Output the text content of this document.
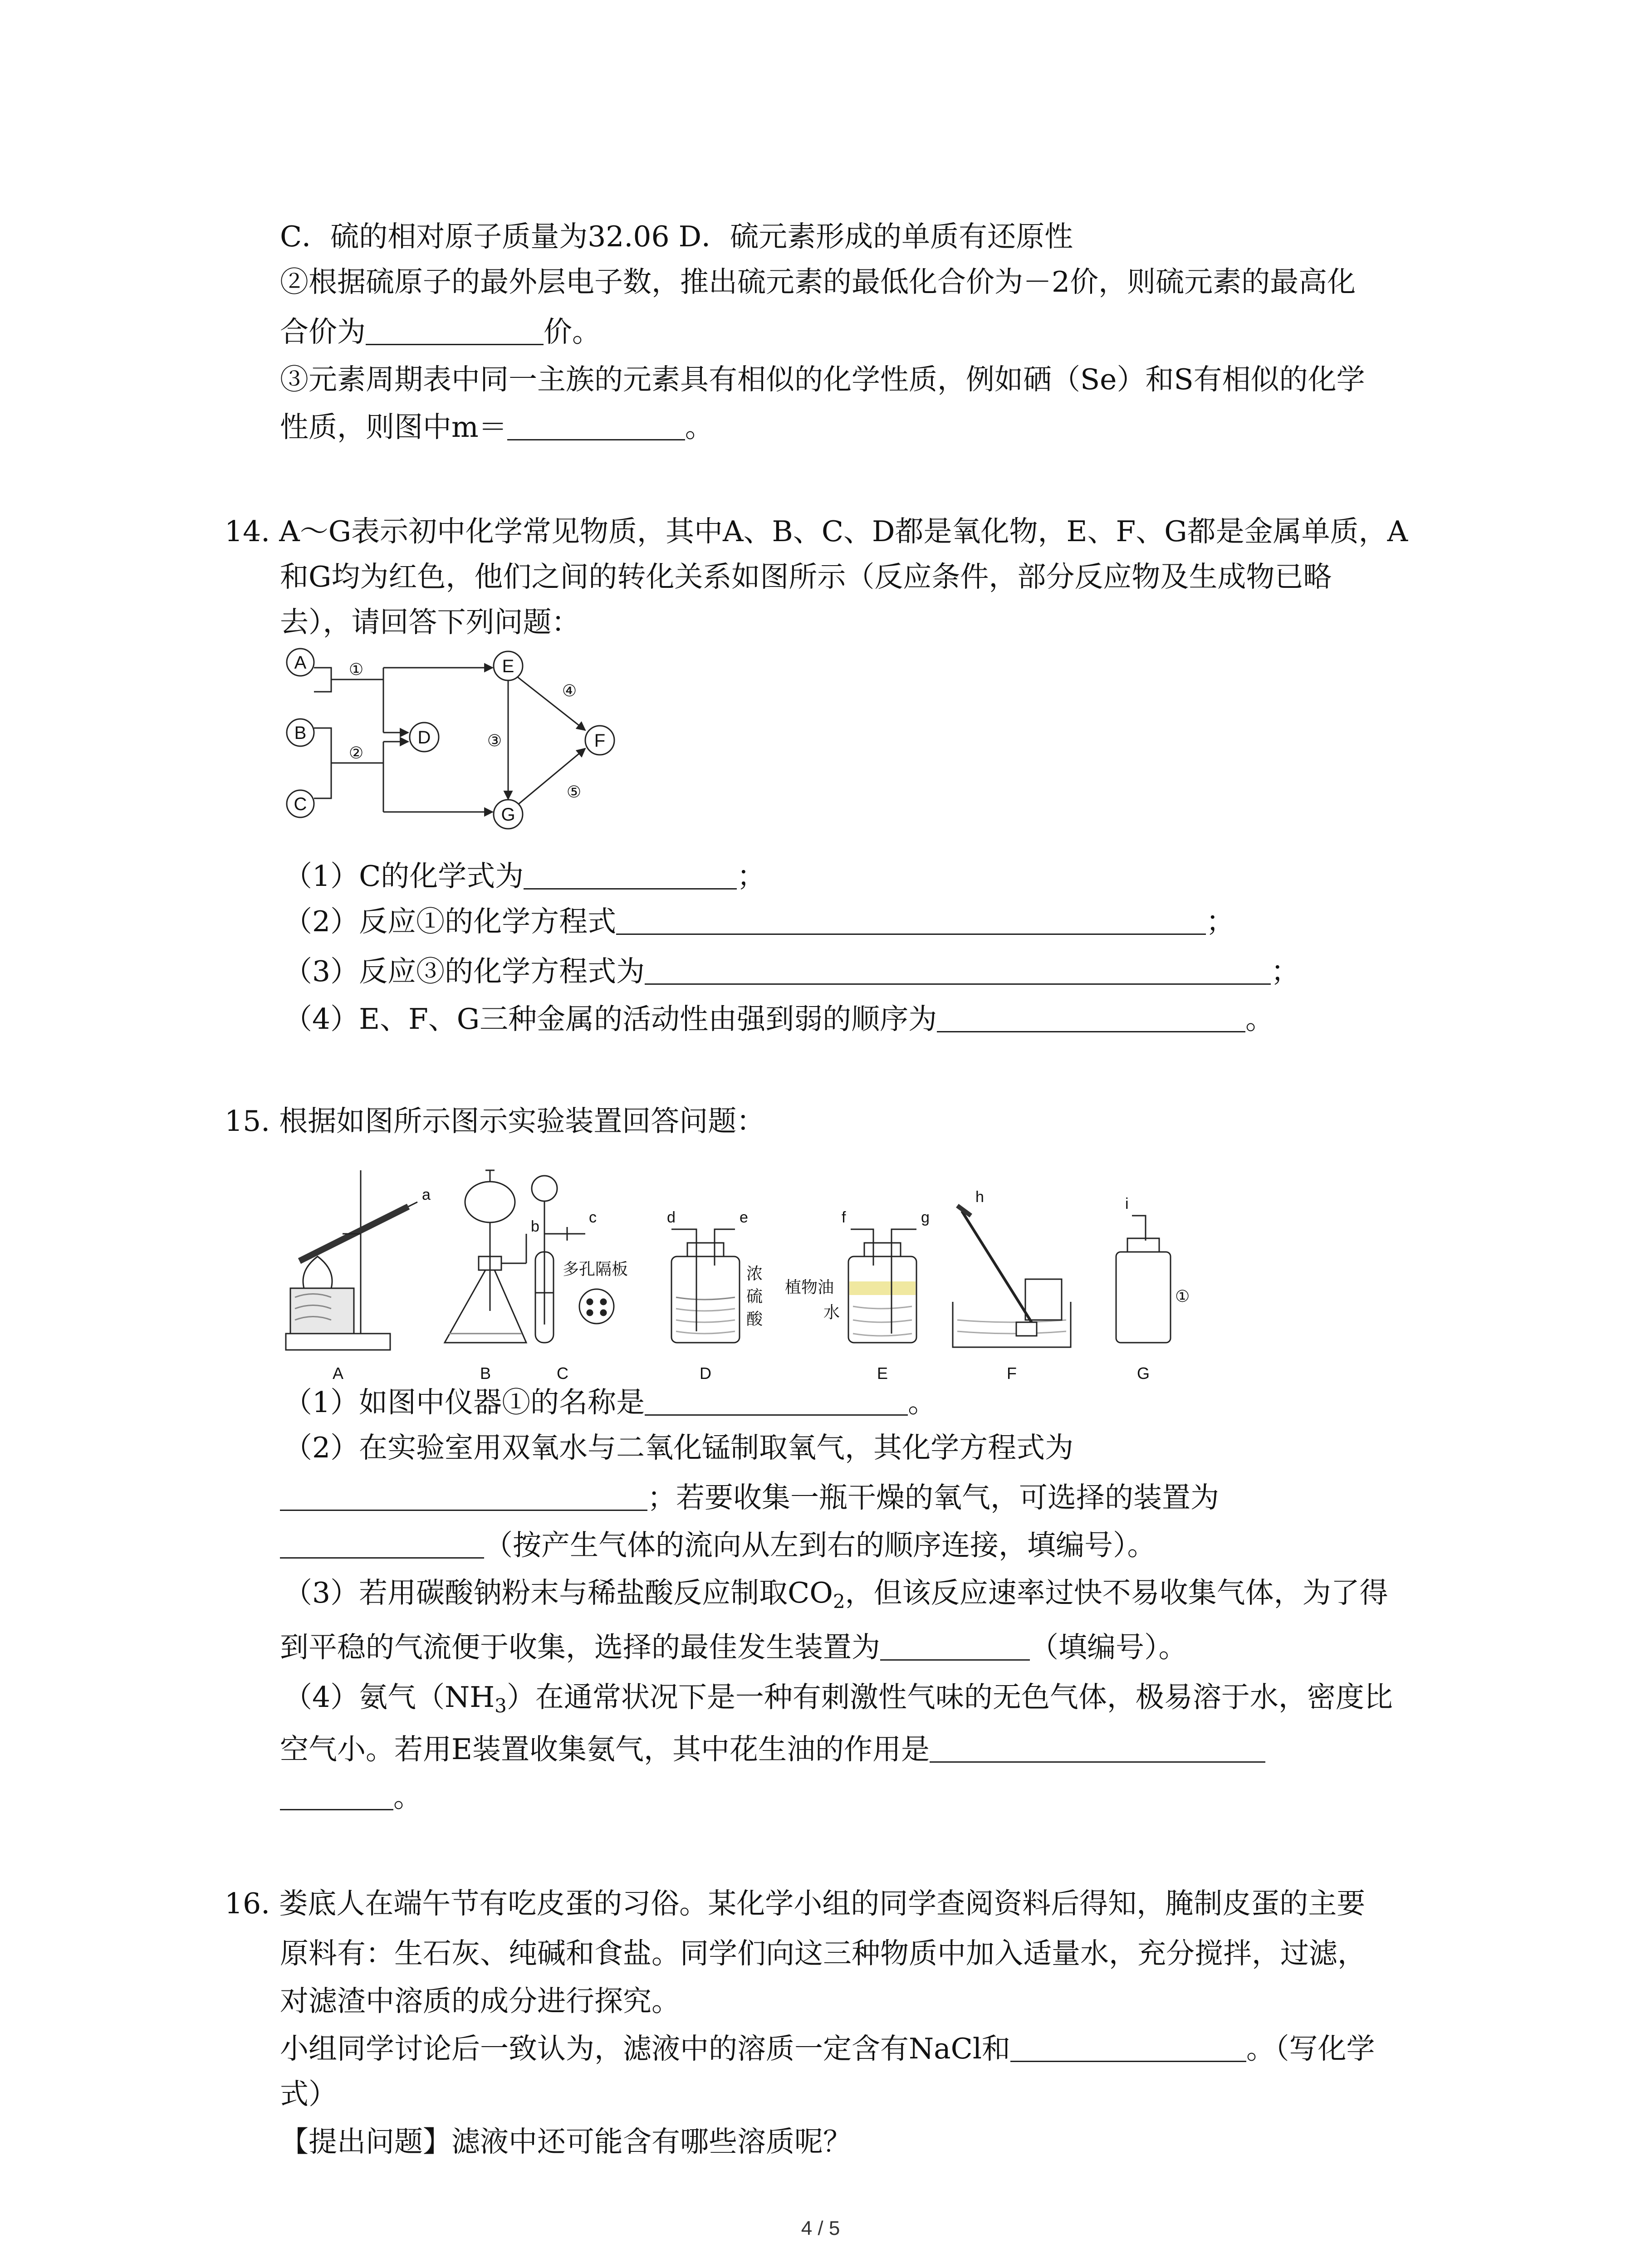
C．硫的相对原子质量为32.06 D．硫元素形成的单质有还原性
②根据硫原子的最外层电子数，推出硫元素的最低化合价为－2价，则硫元素的最高化
合价为	价。
③元素周期表中同一主族的元素具有相似的化学性质，例如硒（Se）和S有相似的化学
性质，则图中m＝	。
14. A～G表示初中化学常见物质，其中A、B、C、D都是氧化物，E、F、G都是金属单质，A
和G均为红色，他们之间的转化关系如图所示（反应条件，部分反应物及生成物已略
去），请回答下列问题：
A
B
C
D
E
F
G
①
②
③
④
⑤
（1）C的化学式为	；
（2）反应①的化学方程式	；
（3）反应③的化学方程式为	；
（4）E、F、G三种金属的活动性由强到弱的顺序为	。
15. 根据如图所示图示实验装置回答问题：
a
b
c	d	e	f	g
h	i
多孔隔板	浓
硫
酸
植物油
水
①
A	B	C	D	E	F	G
（1）如图中仪器①的名称是	。
（2）在实验室用双氧水与二氧化锰制取氧气，其化学方程式为
；若要收集一瓶干燥的氧气，可选择的装置为
（按产生气体的流向从左到右的顺序连接，填编号）。
（3）若用碳酸钠粉末与稀盐酸反应制取$CO_2$，但该反应速率过快不易收集气体，为了得
到平稳的气流便于收集，选择的最佳发生装置为	（填编号）。
（4）氨气$(NH_3)$在通常状况下是一种有刺激性气味的无色气体，极易溶于水，密度比
空气小。若用E装置收集氨气，其中花生油的作用是
。
16. 娄底人在端午节有吃皮蛋的习俗。某化学小组的同学查阅资料后得知，腌制皮蛋的主要
原料有：生石灰、纯碱和食盐。同学们向这三种物质中加入适量水，充分搅拌，过滤，
对滤渣中溶质的成分进行探究。
小组同学讨论后一致认为，滤液中的溶质一定含有NaCl和	。（写化学
式）
【提出问题】滤液中还可能含有哪些溶质呢？
4 / 5
